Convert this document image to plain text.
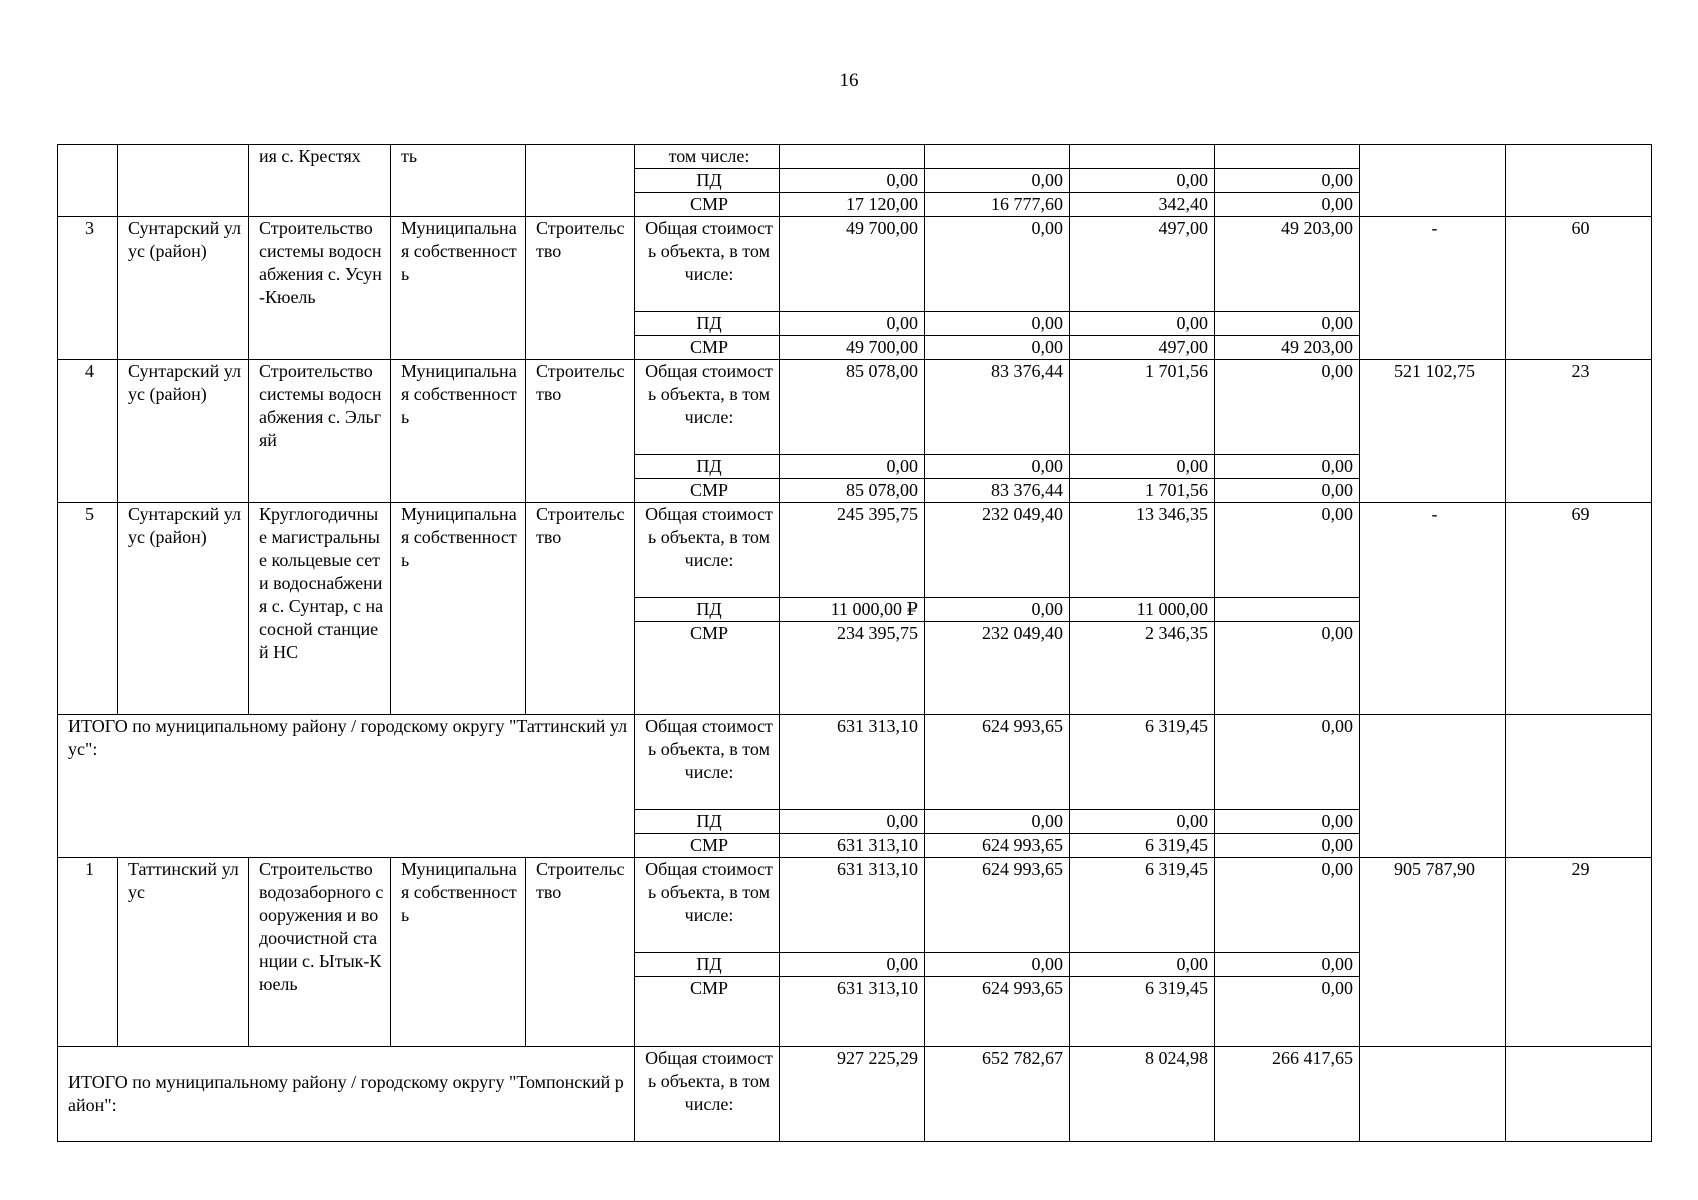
16
		ия с. Крестях	ть		том числе:						
					ПД	0,00	0,00	0,00	0,00		
					СМР	17 120,00	16 777,60	342,40	0,00		
3	Сунтарский улус (район)	Строительство системы водоснабжения с. Усун-Кюель	Муниципальная собственность	Строительство	Общая стоимость объекта, в том числе:	49 700,00	0,00	497,00	49 203,00	-	60
					ПД	0,00	0,00	0,00	0,00		
					СМР	49 700,00	0,00	497,00	49 203,00		
4	Сунтарский улус (район)	Строительство системы водоснабжения с. Эльгяй	Муниципальная собственность	Строительство	Общая стоимость объекта, в том числе:	85 078,00	83 376,44	1 701,56	0,00	521 102,75	23
					ПД	0,00	0,00	0,00	0,00		
					СМР	85 078,00	83 376,44	1 701,56	0,00		
5	Сунтарский улус (район)	Круглогодичные магистральные кольцевые сети водоснабжения с. Сунтар, с насосной станцией НС	Муниципальная собственность	Строительство	Общая стоимость объекта, в том числе:	245 395,75	232 049,40	13 346,35	0,00	-	69
					ПД	11 000,00 ₽	0,00	11 000,00			
					СМР	234 395,75	232 049,40	2 346,35	0,00		
ИТОГО по муниципальному району / городскому округу "Таттинский улус":					Общая стоимость объекта, в том числе:	631 313,10	624 993,65	6 319,45	0,00		
					ПД	0,00	0,00	0,00	0,00		
					СМР	631 313,10	624 993,65	6 319,45	0,00		
1	Таттинский улус	Строительство водозаборного сооружения и водоочистной станции с. Ытык-Кюель	Муниципальная собственность	Строительство	Общая стоимость объекта, в том числе:	631 313,10	624 993,65	6 319,45	0,00	905 787,90	29
					ПД	0,00	0,00	0,00	0,00		
					СМР	631 313,10	624 993,65	6 319,45	0,00		
ИТОГО по муниципальному району / городскому округу "Томпонский район":					Общая стоимость объекта, в том числе:	927 225,29	652 782,67	8 024,98	266 417,65		
